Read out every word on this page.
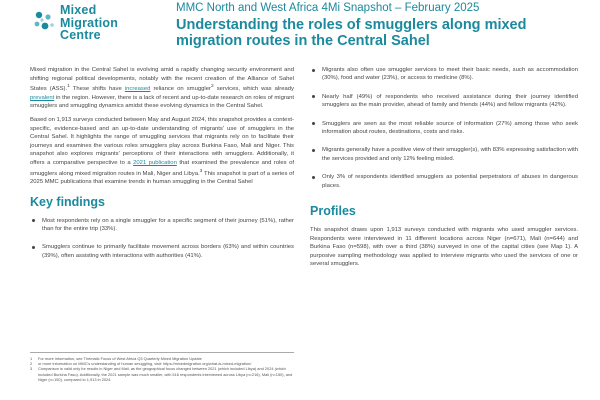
Mixed
Migration
Centre
MMC North and West Africa 4Mi Snapshot – February 2025
Understanding the roles of smugglers along mixed migration routes in the Central Sahel

Mixed migration in the Central Sahel is evolving amid a rapidly changing security environment and shifting regional political developments, notably with the recent creation of the Alliance of Sahel States (ASS).$^1$ These shifts have increased reliance on smuggler$^2$ services, which was already prevalent in the region. However, there is a lack of recent and up-to-date research on roles of migrant smugglers and smuggling dynamics amidst these evolving dynamics in the Central Sahel.

Based on 1,913 surveys conducted between May and August 2024, this snapshot provides a context-specific, evidence-based and an up-to-date understanding of migrants' use of smugglers in the Central Sahel. It highlights the range of smuggling services that migrants rely on to facilitate their journeys and examines the various roles smugglers play across Burkina Faso, Mali and Niger. This snapshot also explores migrants' perceptions of their interactions with smugglers. Additionally, it offers a comparative perspective to a 2021 publication that examined the prevalence and roles of smugglers along mixed migration routes in Mali, Niger and Libya.$^3$ This snapshot is part of a series of 2025 MMC publications that examine trends in human smuggling in the Central Sahel

Key findings
Most respondents rely on a single smuggler for a specific segment of their journey (51%), rather than for the entire trip (33%).
Smugglers continue to primarily facilitate movement across borders (63%) and within countries (39%), often assisting with interactions with authorities (41%).
Migrants also often use smuggler services to meet their basic needs, such as accommodation (30%), food and water (23%), or access to medicine (8%).
Nearly half (49%) of respondents who received assistance during their journey identified smugglers as the main provider, ahead of family and friends (44%) and fellow migrants (42%).
Smugglers are seen as the most reliable source of information (27%) among those who seek information about routes, destinations, costs and risks.
Migrants generally have a positive view of their smuggler(s), with 83% expressing satisfaction with the services provided and only 12% feeling misled.
Only 3% of respondents identified smugglers as potential perpetrators of abuses in dangerous places.
Profiles

This snapshot draws upon 1,913 surveys conducted with migrants who used smuggler services. Respondents were interviewed in 11 different locations across Niger (n=671), Mali (n=644) and Burkina Faso (n=598), with over a third (38%) surveyed in one of the capital cities (see Map 1). A purposive sampling methodology was applied to interview migrants who used the services of one or several smugglers.

1	For more information, see Thematic Focus of West Africa Q3 Quarterly Mixed Migration Update
2	or more information on MMC's understanding of human smuggling, visit: https://mixedmigration.org/what-is-mixed-migration/
3	Comparison is valid only for results in Niger and Mali, as the geographical focus changed between 2021 (which included Libya) and 2024 (which included Burkina Faso). Additionally, the 2021 sample was much smaller, with 516 respondents interviewed across Libya (n=216), Mali (n=150), and Niger (n=150), compared to 1,913 in 2024.
